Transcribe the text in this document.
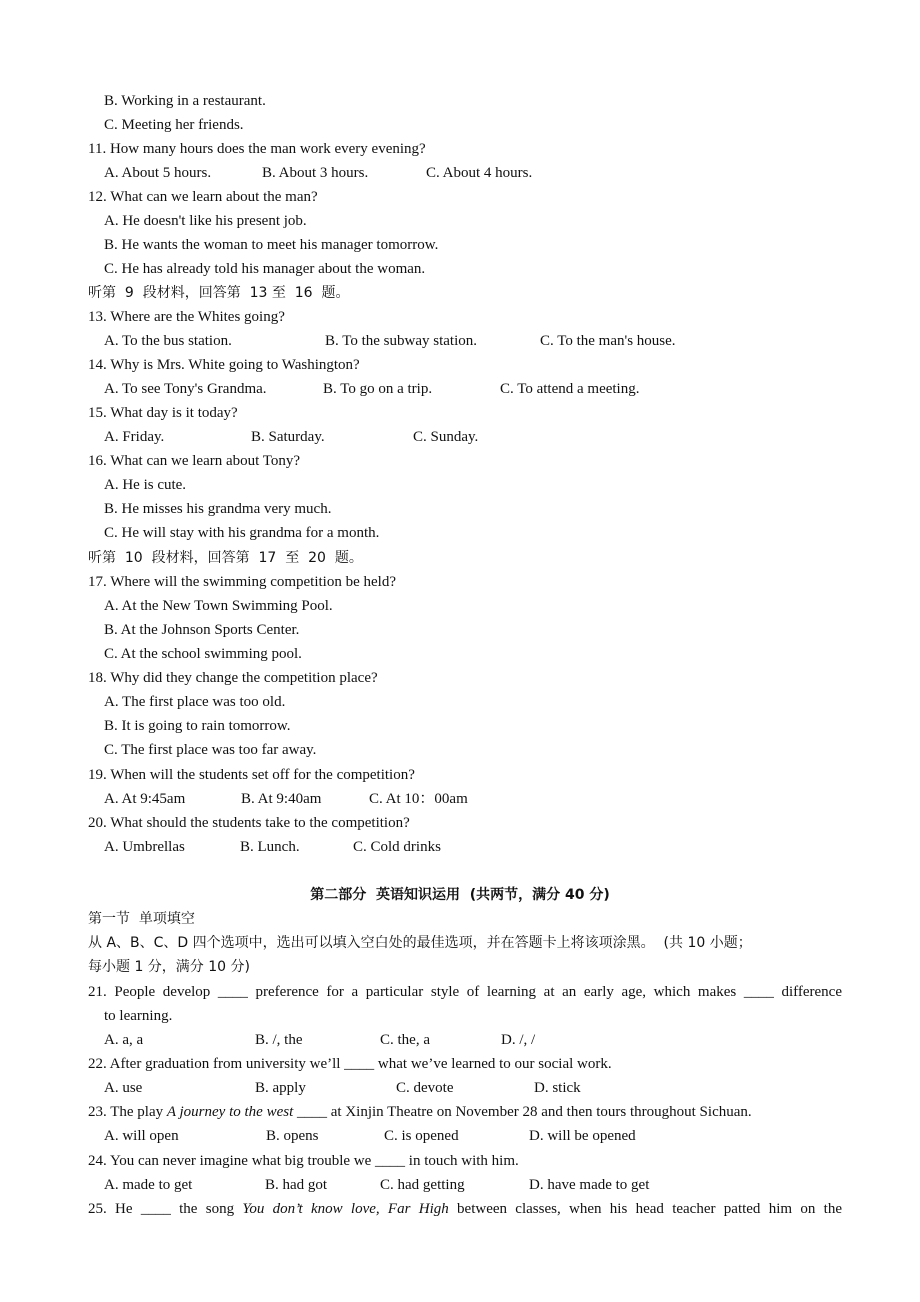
B. Working in a restaurant.
C. Meeting her friends.
11. How many hours does the man work every evening?
A. About 5 hours.	B. About 3 hours.	C. About 4 hours.
12. What can we learn about the man?
A. He doesn't like his present job.
B. He wants the woman to meet his manager tomorrow.
C. He has already told his manager about the woman.
听第  9  段材料，回答第  13 至  16  题。
13. Where are the Whites going?
A. To the bus station.	B. To the subway station.	C. To the man's house.
14. Why is Mrs. White going to Washington?
A. To see Tony's Grandma.	B. To go on a trip.	C. To attend a meeting.
15. What day is it today?
A. Friday.	B. Saturday.	C. Sunday.
16. What can we learn about Tony?
A. He is cute.
B. He misses his grandma very much.
C. He will stay with his grandma for a month.
听第  10  段材料，回答第  17  至  20  题。
17. Where will the swimming competition be held?
A. At the New Town Swimming Pool.
B. At the Johnson Sports Center.
C. At the school swimming pool.
18. Why did they change the competition place?
A. The first place was too old.
B. It is going to rain tomorrow.
C. The first place was too far away.
19. When will the students set off for the competition?
A. At 9:45am	B. At 9:40am	C. At 10：00am
20. What should the students take to the competition?
A. Umbrellas	B. Lunch.	C. Cold drinks
第二部分  英语知识运用  (共两节，满分 40 分)
第一节  单项填空
从 A、B、C、D 四个选项中，选出可以填入空白处的最佳选项，并在答题卡上将该项涂黑。  (共 10 小题；
每小题 1 分，满分 10 分)
21. People develop ____ preference for a particular style of learning at an early age, which makes ____ difference
to learning.
A. a, a	B. /, the	C. the, a	D. /, /
22. After graduation from university we’ll ____ what we’ve learned to our social work.
A. use	B. apply	C. devote	D. stick
23. The play A journey to the west ____ at Xinjin Theatre on November 28 and then tours throughout Sichuan.
A. will open	B. opens	C. is opened	D. will be opened
24. You can never imagine what big trouble we ____ in touch with him.
A. made to get	B. had got	C. had getting	D. have made to get
25. He ____ the song You don’t know love, Far High between classes, when his head teacher patted him on the
